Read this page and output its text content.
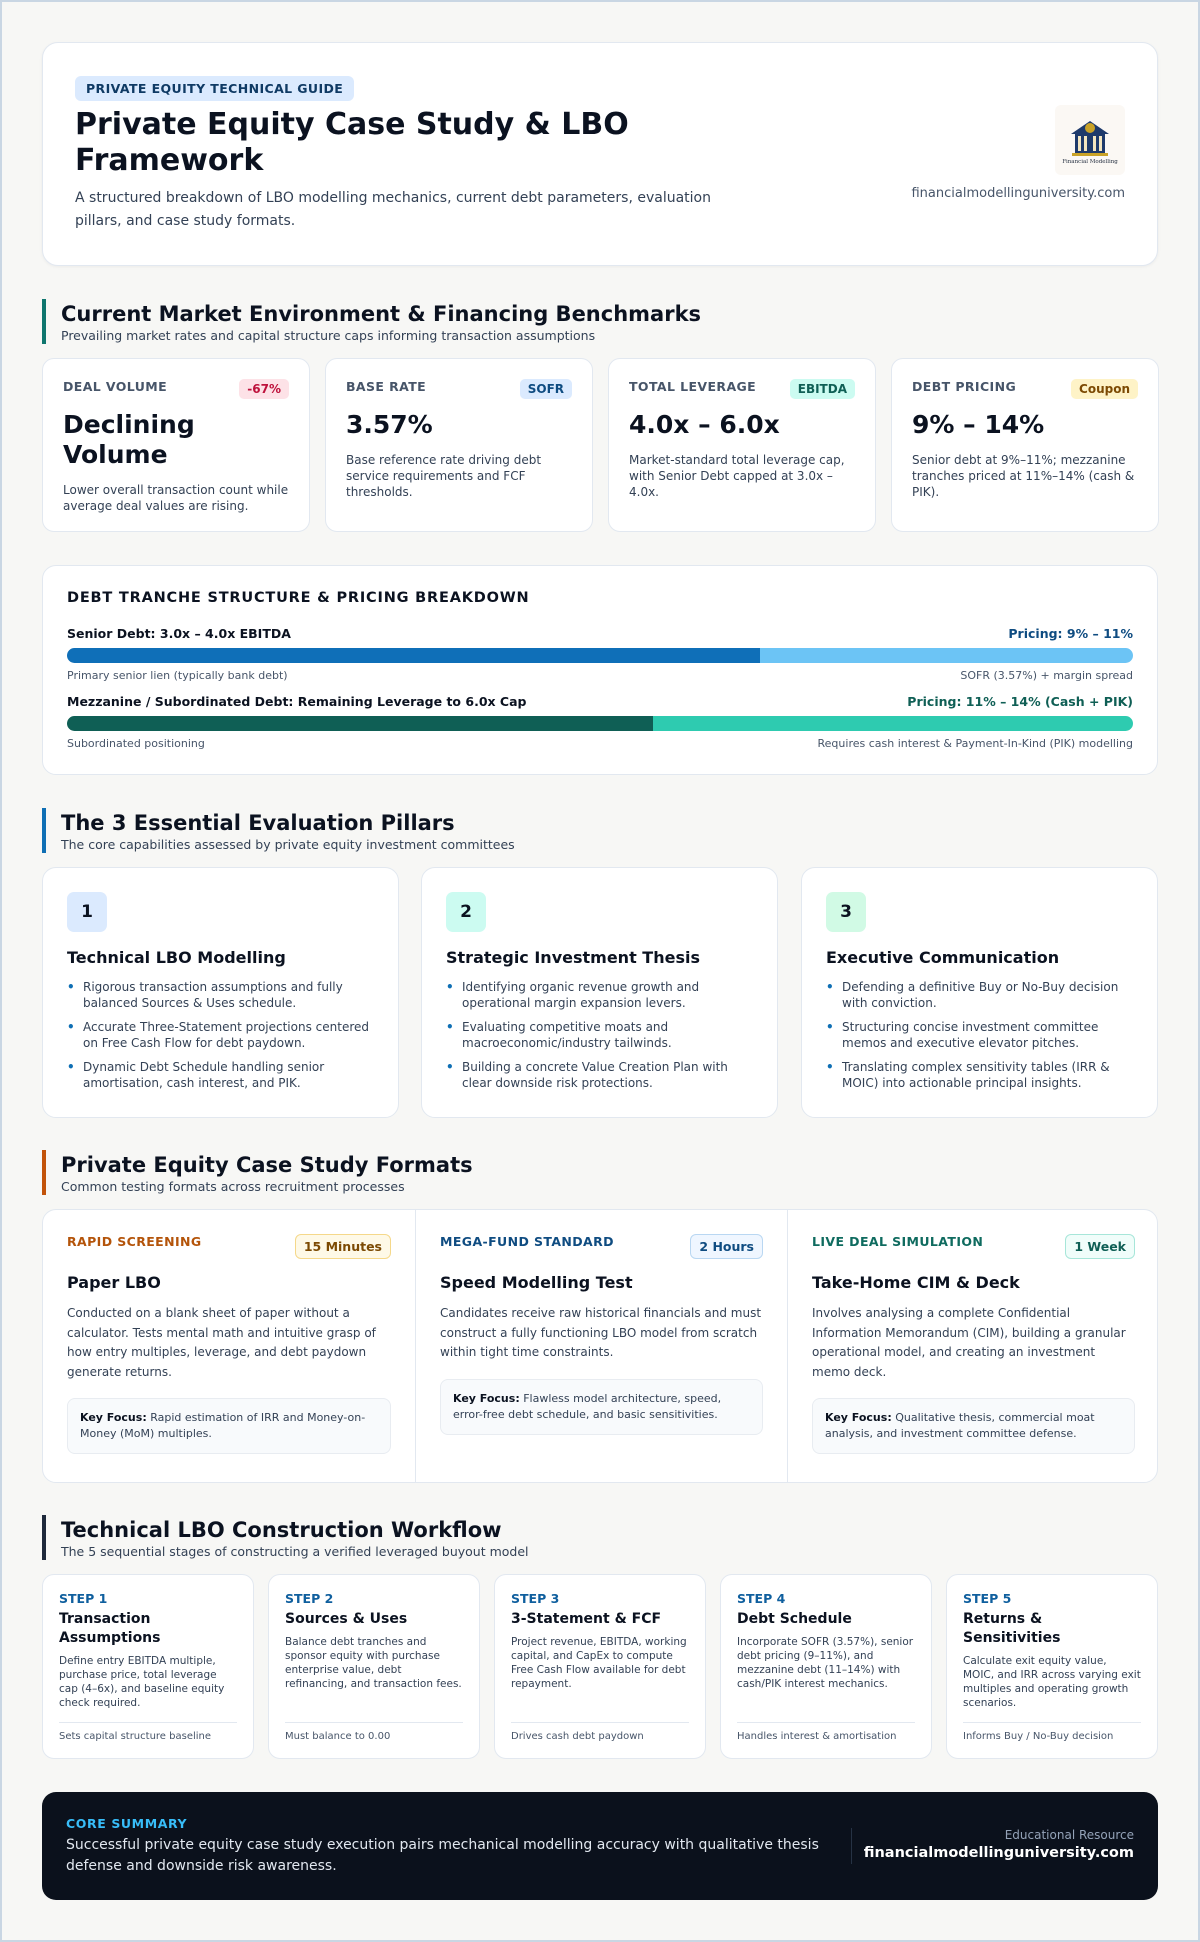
PRIVATE EQUITY TECHNICAL GUIDE
Private Equity Case Study & LBO Framework

A structured breakdown of LBO modelling mechanics, current debt parameters, evaluation pillars, and case study formats.

Financial Modelling
financialmodellinguniversity.com
Current Market Environment & Financing Benchmarks

Prevailing market rates and capital structure caps informing transaction assumptions

DEAL VOLUME	-67%
Declining Volume
Lower overall transaction count while average deal values are rising.
BASE RATE	SOFR
3.57%
Base reference rate driving debt service requirements and FCF thresholds.
TOTAL LEVERAGE	EBITDA
4.0x – 6.0x
Market-standard total leverage cap, with Senior Debt capped at 3.0x – 4.0x.
DEBT PRICING	Coupon
9% – 14%
Senior debt at 9%–11%; mezzanine tranches priced at 11%–14% (cash & PIK).
DEBT TRANCHE STRUCTURE & PRICING BREAKDOWN
Senior Debt: 3.0x – 4.0x EBITDA	Pricing: 9% – 11%
Primary senior lien (typically bank debt)	SOFR (3.57%) + margin spread
Mezzanine / Subordinated Debt: Remaining Leverage to 6.0x Cap	Pricing: 11% – 14% (Cash + PIK)
Subordinated positioning	Requires cash interest & Payment-In-Kind (PIK) modelling
The 3 Essential Evaluation Pillars

The core capabilities assessed by private equity investment committees

1
Technical LBO Modelling
• Rigorous transaction assumptions and fully balanced Sources & Uses schedule.
• Accurate Three-Statement projections centered on Free Cash Flow for debt paydown.
• Dynamic Debt Schedule handling senior amortisation, cash interest, and PIK.
2
Strategic Investment Thesis
• Identifying organic revenue growth and operational margin expansion levers.
• Evaluating competitive moats and macroeconomic/industry tailwinds.
• Building a concrete Value Creation Plan with clear downside risk protections.
3
Executive Communication
• Defending a definitive Buy or No-Buy decision with conviction.
• Structuring concise investment committee memos and executive elevator pitches.
• Translating complex sensitivity tables (IRR & MOIC) into actionable principal insights.
Private Equity Case Study Formats

Common testing formats across recruitment processes

RAPID SCREENING	15 Minutes
Paper LBO

Conducted on a blank sheet of paper without a calculator. Tests mental math and intuitive grasp of how entry multiples, leverage, and debt paydown generate returns.

Key Focus: Rapid estimation of IRR and Money-on-Money (MoM) multiples.
MEGA-FUND STANDARD	2 Hours
Speed Modelling Test

Candidates receive raw historical financials and must construct a fully functioning LBO model from scratch within tight time constraints.

Key Focus: Flawless model architecture, speed, error-free debt schedule, and basic sensitivities.
LIVE DEAL SIMULATION	1 Week
Take-Home CIM & Deck

Involves analysing a complete Confidential Information Memorandum (CIM), building a granular operational model, and creating an investment memo deck.

Key Focus: Qualitative thesis, commercial moat analysis, and investment committee defense.
Technical LBO Construction Workflow

The 5 sequential stages of constructing a verified leveraged buyout model

STEP 1
Transaction Assumptions

Define entry EBITDA multiple, purchase price, total leverage cap (4–6x), and baseline equity check required.

Sets capital structure baseline
STEP 2
Sources & Uses

Balance debt tranches and sponsor equity with purchase enterprise value, debt refinancing, and transaction fees.

Must balance to 0.00
STEP 3
3-Statement & FCF

Project revenue, EBITDA, working capital, and CapEx to compute Free Cash Flow available for debt repayment.

Drives cash debt paydown
STEP 4
Debt Schedule

Incorporate SOFR (3.57%), senior debt pricing (9–11%), and mezzanine debt (11–14%) with cash/PIK interest mechanics.

Handles interest & amortisation
STEP 5
Returns & Sensitivities

Calculate exit equity value, MOIC, and IRR across varying exit multiples and operating growth scenarios.

Informs Buy / No-Buy decision
CORE SUMMARY

Successful private equity case study execution pairs mechanical modelling accuracy with qualitative thesis defense and downside risk awareness.

Educational Resource
financialmodellinguniversity.com
